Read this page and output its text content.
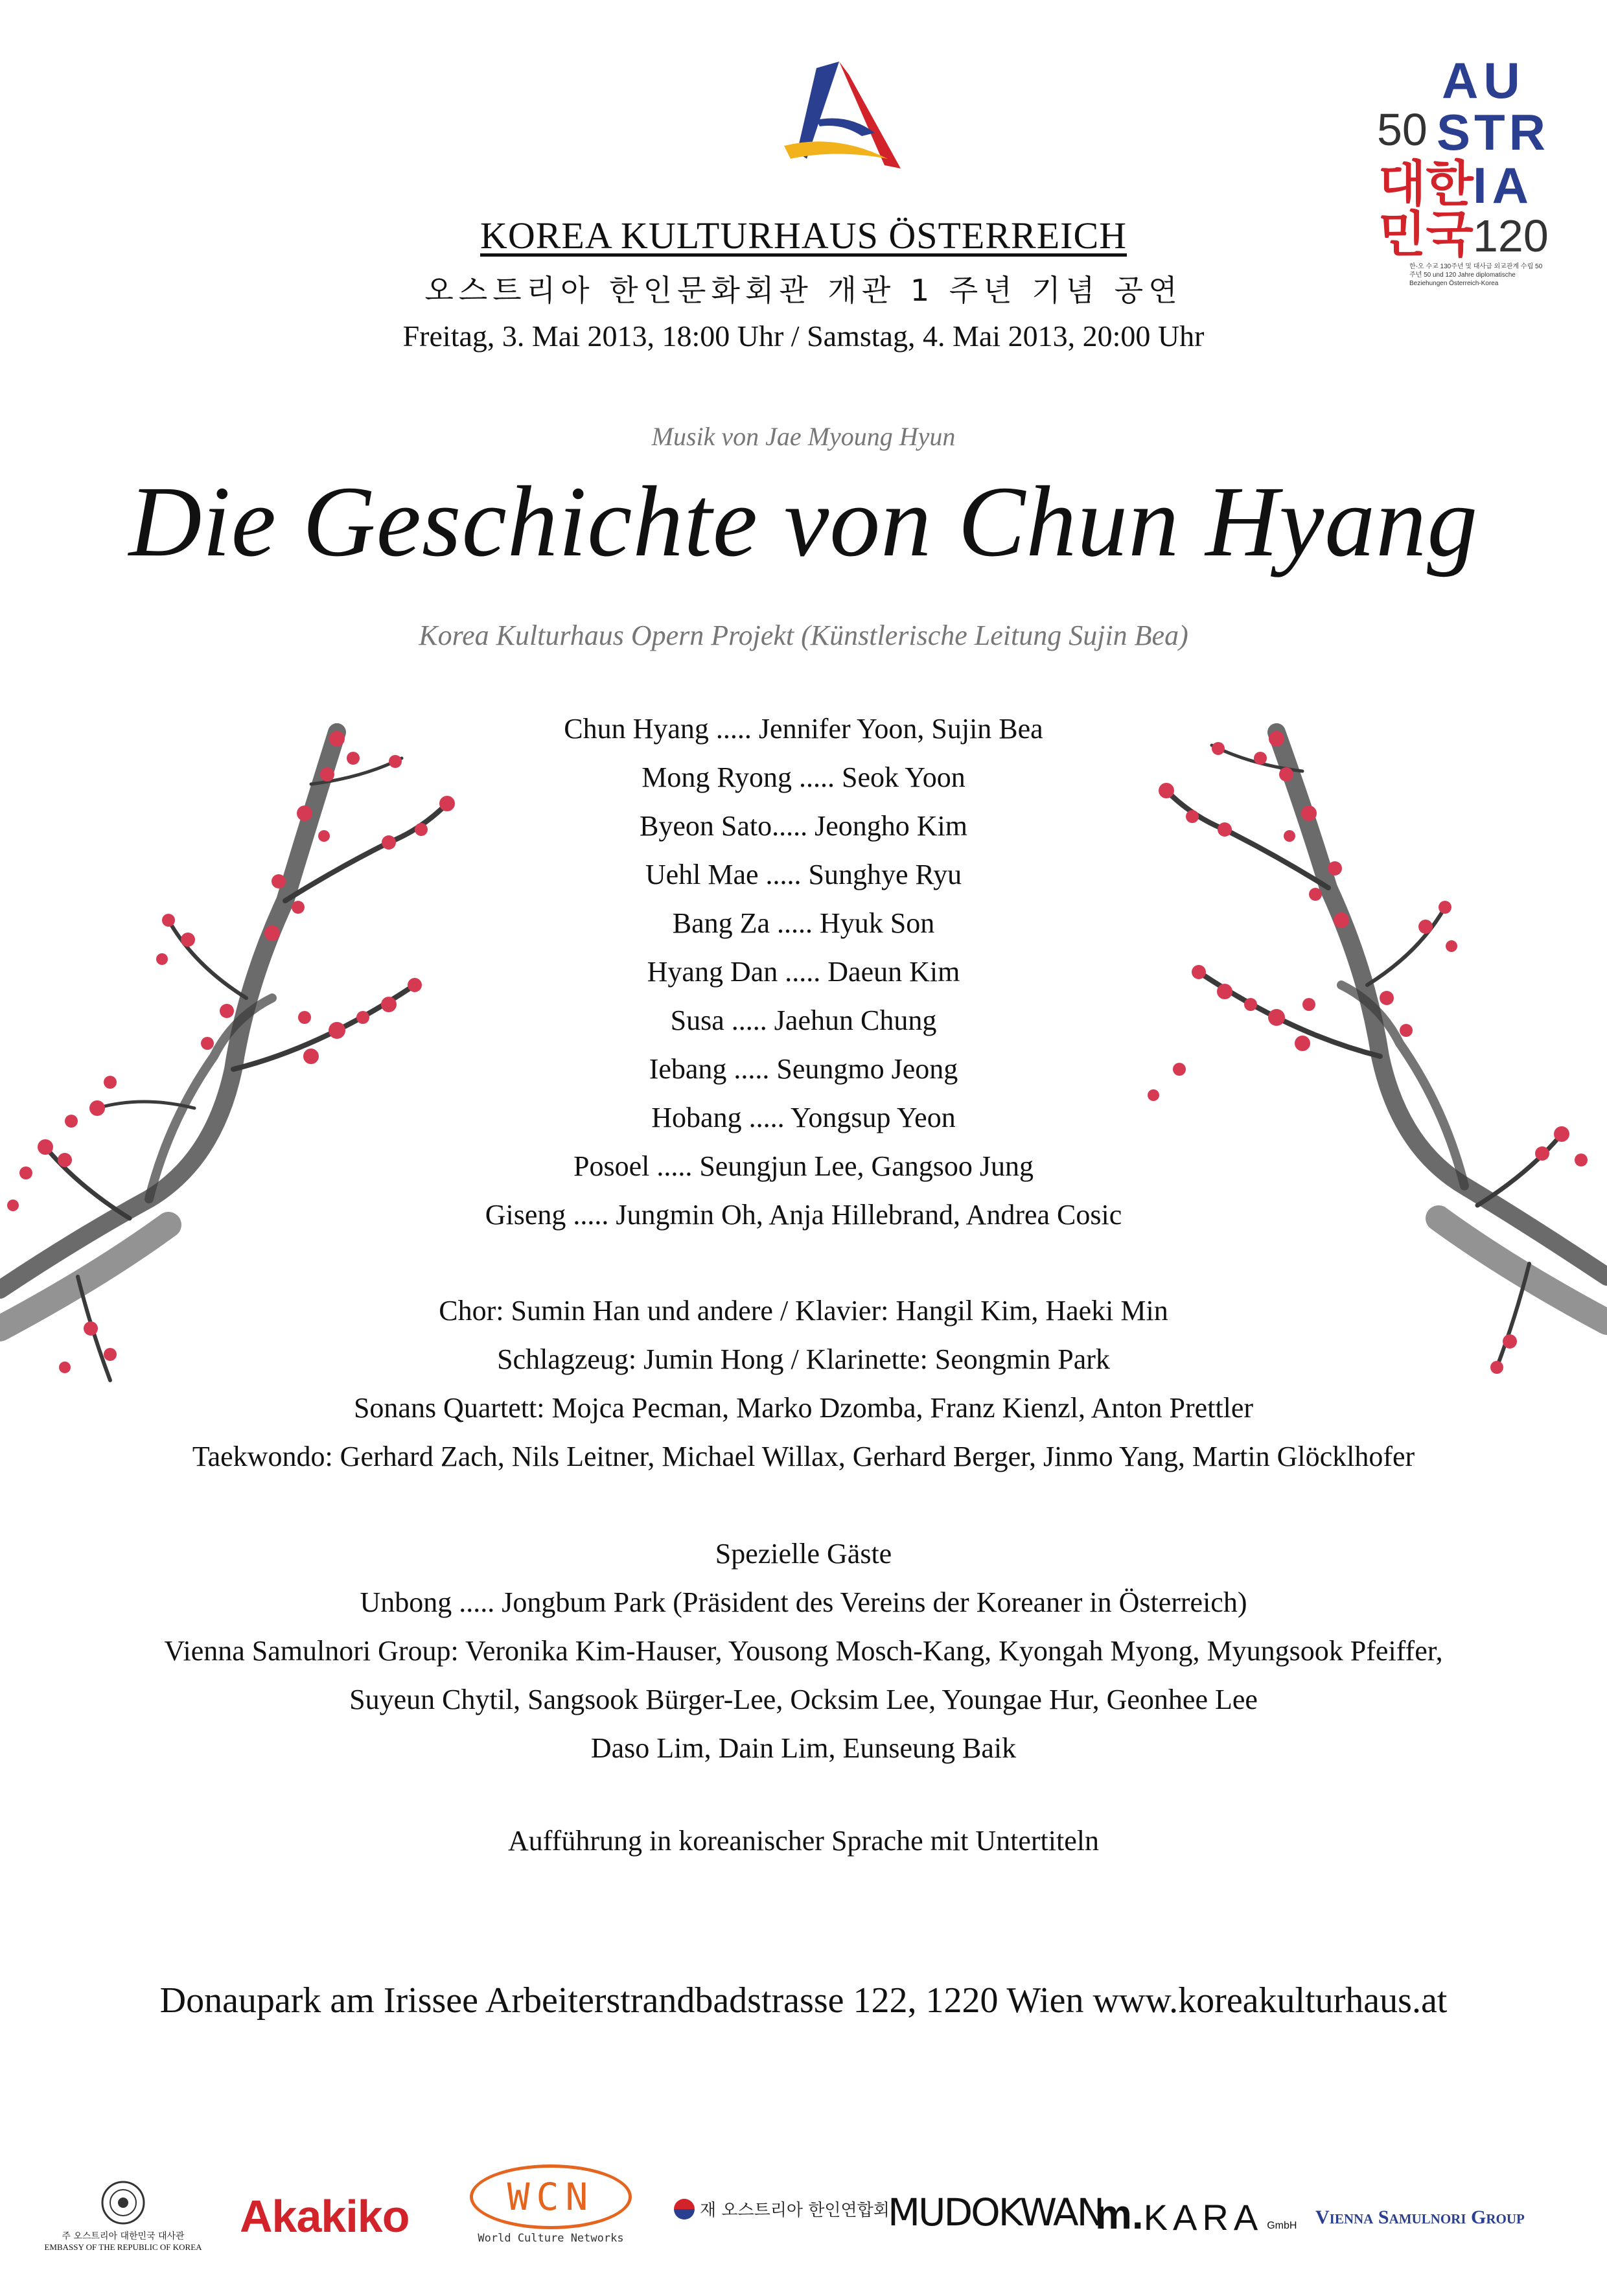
AU
50 STR
대한 IA
민국 120
한-오 수교 130주년 및 대사급 외교관계 수립 50주년 50 und 120 Jahre diplomatische Beziehungen Österreich-Korea
KOREA KULTURHAUS ÖSTERREICH
오스트리아 한인문화회관 개관 1 주년 기념 공연
Freitag, 3. Mai 2013, 18:00 Uhr / Samstag, 4. Mai 2013, 20:00 Uhr
Musik von Jae Myoung Hyun
Die Geschichte von Chun Hyang
Korea Kulturhaus Opern Projekt (Künstlerische Leitung Sujin Bea)
Chun Hyang ..... Jennifer Yoon, Sujin Bea
Mong Ryong ..... Seok Yoon
Byeon Sato..... Jeongho Kim
Uehl Mae ..... Sunghye Ryu
Bang Za ..... Hyuk Son
Hyang Dan ..... Daeun Kim
Susa ..... Jaehun Chung
Iebang ..... Seungmo Jeong
Hobang ..... Yongsup Yeon
Posoel ..... Seungjun Lee, Gangsoo Jung
Giseng ..... Jungmin Oh, Anja Hillebrand, Andrea Cosic
Chor: Sumin Han und andere / Klavier: Hangil Kim, Haeki Min
Schlagzeug: Jumin Hong / Klarinette: Seongmin Park
Sonans Quartett: Mojca Pecman, Marko Dzomba, Franz Kienzl, Anton Prettler
Taekwondo: Gerhard Zach, Nils Leitner, Michael Willax, Gerhard Berger, Jinmo Yang, Martin Glöcklhofer
Spezielle Gäste
Unbong ..... Jongbum Park (Präsident des Vereins der Koreaner in Österreich)
Vienna Samulnori Group: Veronika Kim-Hauser, Yousong Mosch-Kang, Kyongah Myong, Myungsook Pfeiffer,
Suyeun Chytil, Sangsook Bürger-Lee, Ocksim Lee, Youngae Hur, Geonhee Lee
Daso Lim, Dain Lim, Eunseung Baik
Aufführung in koreanischer Sprache mit Untertiteln
Donaupark am Irissee Arbeiterstrandbadstrasse 122, 1220 Wien www.koreakulturhaus.at
주 오스트리아 대한민국 대사관
EMBASSY OF THE REPUBLIC OF KOREA
Akakiko	WCN
World Culture Networks
재 오스트리아 한인연합회
MUDOKWAN
m. KARA GmbH Vienna Samulnori Group
